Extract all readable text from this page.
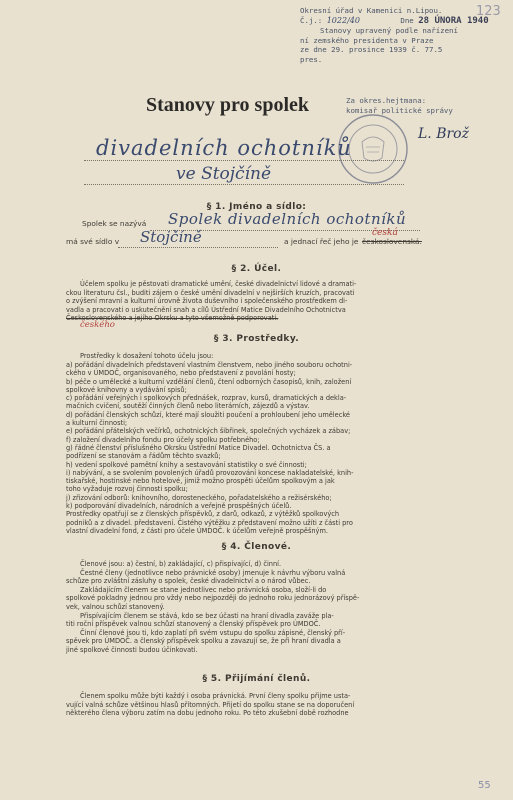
Okresní úřad v Kamenici n.Lipou.
Č.j.: 1022/40	Dne 28 ÚNORA 1940
Stanovy upravený podle nařízení
ní zemského presidenta v Praze
ze dne 29. prosince 1939 č. 77.5
pres.
123
Stanovy pro spolek	Za okres.hejtmana:
komisař politické správy
L. Brož
divadelních ochotníků
ve Stojčíně
§ 1. Jméno a sídlo:
Spolek se nazývá Spolek divadelních ochotníků
má své sídlo v Stojčíně	a jednací řeč jeho je československá.
česká
§ 2. Účel.
Účelem spolku je pěstovati dramatické umění, české divadelnictví lidové a dramati-
ckou literaturu čsl., buditi zájem o české umění divadelní v nejširších kruzích, pracovati
o zvýšení mravní a kulturní úrovně života duševního i společenského prostředkem di-
vadla a pracovati o uskutečnění snah a cílů Ústřední Matice Divadelního Ochotnictva
Československého a jejího Okrsku a tyto všemožně podporovati.
českého
§ 3. Prostředky.
Prostředky k dosažení tohoto účelu jsou:
a) pořádání divadelních představení vlastním členstvem, nebo jiného souboru ochotni-
ckého v ÚMDOČ, organisovaného, nebo představení z povolání hosty;
b) péče o umělecké a kulturní vzdělání členů, čtení odborných časopisů, knih, založení
spolkové knihovny a vydávání spisů;
c) pořádání veřejných i spolkových přednášek, rozprav, kursů, dramatických a dekla-
mačních cvičení, soutěží činných členů nebo literárních, zájezdů a výstav.
d) pořádání členských schůzí, které mají sloužiti poučení a prohloubení jeho umělecké
a kulturní činnosti;
e) pořádání přátelských večírků, ochotnických šibřinek, společných vycházek a zábav;
f) založení divadelního fondu pro účely spolku potřebného;
g) řádné členství příslušného Okrsku Ústřední Matice Divadel. Ochotnictva ČS. a
podřízení se stanovám a řádům těchto svazků;
h) vedení spolkové pamětní knihy a sestavování statistiky o své činnosti;
i) nabývání, a se svolením povolených úřadů provozování koncese nakladatelské, knih-
tiskařské, hostinské nebo hotelové, jimiž možno prospěti účelům spolkovým a jak
toho vyžaduje rozvoj činnosti spolku;
j) zřizování odborů: knihovního, dorosteneckého, pořadatelského a režisérského;
k) podporování divadelních, národních a veřejně prospěšných účelů.
Prostředky opatřují se z členských příspěvků, z darů, odkazů, z výtěžků spolkových
podniků a z divadel. představení. Čistého výtěžku z představení možno užíti z části pro
vlastní divadelní fond, z části pro účele ÚMDOČ. k účelům veřejně prospěšným.
§ 4. Členové.
Členové jsou: a) čestní, b) zakládající, c) přispívající, d) činní.
Čestné členy (jednotlivce nebo právnické osoby) jmenuje k návrhu výboru valná
schůze pro zvláštní zásluhy o spolek, české divadelnictví a o národ vůbec.
Zakládajícím členem se stane jednotlivec nebo právnická osoba, složí-li do
spolkové pokladny jednou pro vždy nebo nejpozději do jednoho roku jednorázový příspě-
vek, valnou schůzí stanovený.
Přispívajícím členem se stává, kdo se bez účasti na hraní divadla zaváže pla-
titi roční příspěvek valnou schůzí stanovený a členský příspěvek pro ÚMDOČ.
Činní členové jsou ti, kdo zaplatí při svém vstupu do spolku zápisné, členský pří-
spěvek pro ÚMDOČ. a členský příspěvek spolku a zavazují se, že při hraní divadla a
jiné spolkové činnosti budou účinkovati.
§ 5. Přijímání členů.
Členem spolku může býti každý i osoba právnická. První členy spolku přijme usta-
vující valná schůze většinou hlasů přítomných. Přijetí do spolku stane se na doporučení
některého člena výboru zatím na dobu jednoho roku. Po této zkušební době rozhodne
55
